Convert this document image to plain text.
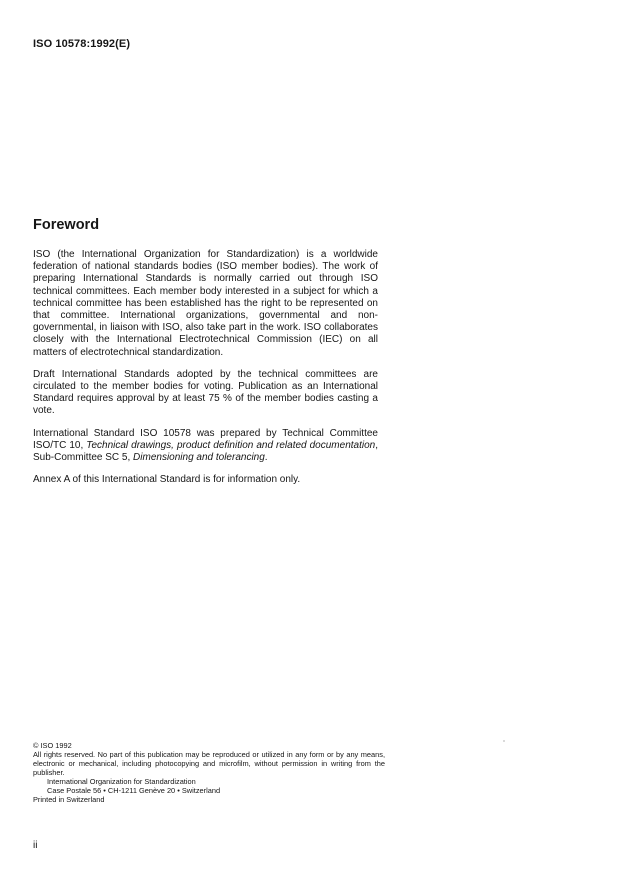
ISO 10578:1992(E)
Foreword

ISO (the International Organization for Standardization) is a worldwide federation of national standards bodies (ISO member bodies). The work of preparing International Standards is normally carried out through ISO technical committees. Each member body interested in a subject for which a technical committee has been established has the right to be represented on that committee. International organizations, governmental and non-governmental, in liaison with ISO, also take part in the work. ISO collaborates closely with the International Electrotechnical Commission (IEC) on all matters of electrotechnical standardization.

Draft International Standards adopted by the technical committees are circulated to the member bodies for voting. Publication as an International Standard requires approval by at least 75 % of the member bodies casting a vote.

International Standard ISO 10578 was prepared by Technical Committee ISO/TC 10, Technical drawings, product definition and related documentation, Sub-Committee SC 5, Dimensioning and tolerancing.

Annex A of this International Standard is for information only.

© ISO 1992
All rights reserved. No part of this publication may be reproduced or utilized in any form or by any means, electronic or mechanical, including photocopying and microfilm, without permission in writing from the publisher.
International Organization for Standardization
Case Postale 56 • CH-1211 Genève 20 • Switzerland
Printed in Switzerland
ii
